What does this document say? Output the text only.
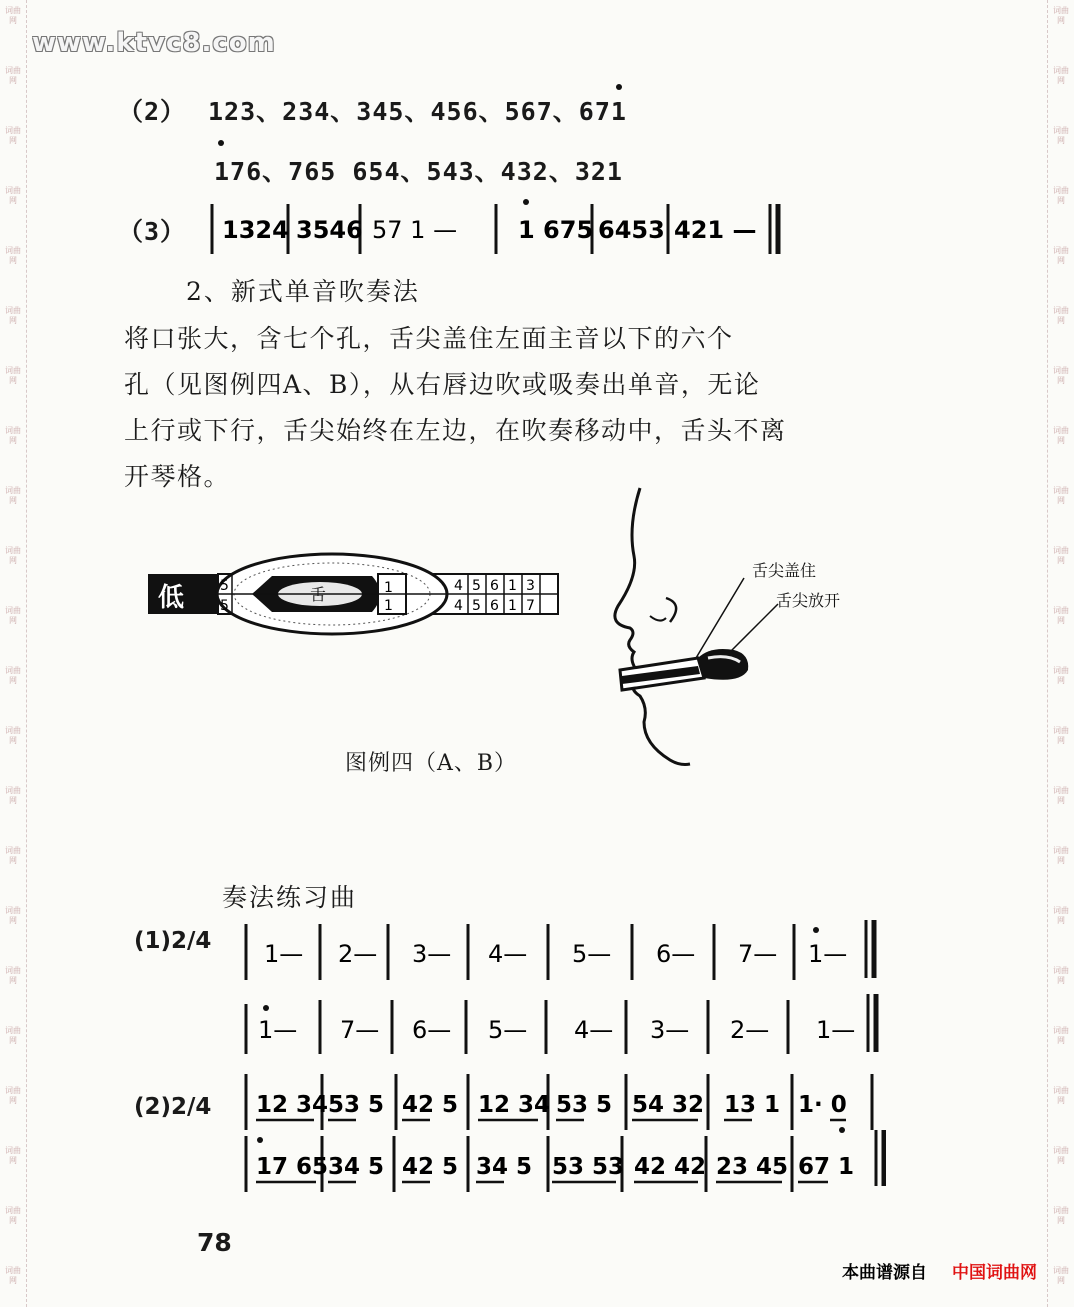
词曲网
词曲网
词曲网
词曲网
词曲网
词曲网
词曲网
词曲网
词曲网
词曲网
词曲网
词曲网
词曲网
词曲网
词曲网
词曲网
词曲网
词曲网
词曲网
词曲网
词曲网
词曲网
词曲网
词曲网
词曲网
词曲网
词曲网
词曲网
词曲网
词曲网
词曲网
词曲网
词曲网
词曲网
词曲网
词曲网
词曲网
词曲网
词曲网
词曲网
词曲网
词曲网
词曲网
词曲网
www.ktvc8.com
（2） 123、234、345、456、567、671
176、765 654、543、432、321
（3） 1324 3546 57 1 —	1 675 6453 421 —
2、新式单音吹奏法
将口张大，含七个孔，舌尖盖住左面主音以下的六个
孔（见图例四A、B），从右唇边吹或吸奏出单音，无论
上行或下行，舌尖始终在左边，在吹奏移动中，舌头不离
开琴格。
低	舌	1
1
5
5
4 5 6 1 3
4 5 6 1 7
舌尖盖住
舌尖放开
图例四（A、B）
奏法练习曲
(1)2/4 1— 2— 3— 4— 5— 6— 7— 1—
1— 7— 6— 5— 4— 3— 2— 1—
(2)2/4 12 34 53 5 42 5 12 34 53 5 54 32 13 1 1· 0
17 65 34 5 42 5 34 5 53 53 42 42 23 45 67 1
78
本曲谱源自 中国词曲网
